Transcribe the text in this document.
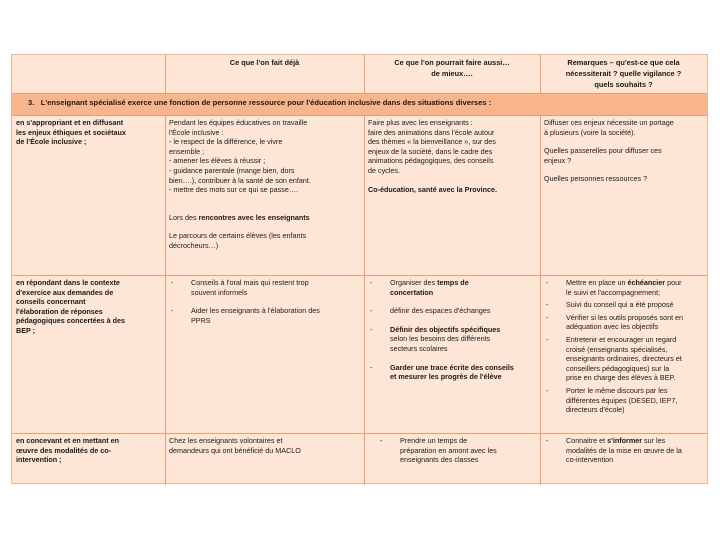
Ce que l'on fait déjà	Ce que l'on pourrait faire aussi…
de mieux….
Remarques – qu'est-ce que cela
nécessiterait ? quelle vigilance ?
quels souhaits ?
3. L'enseignant spécialisé exerce une fonction de personne ressource pour l'éducation inclusive dans des situations diverses :

en s'appropriant et en diffusant

les enjeux éthiques et sociétaux

de l'École inclusive ;

Pendant les équipes éducatives on travaille

l'École inclusive :

- le respect de la différence, le vivre

ensemble ;

- amener les élèves à réussir ;

- guidance parentale (mange bien, dors

bien….), contribuer à la santé de son enfant.

- mettre des mots sur ce qui se passe….

Lors des rencontres avec les enseignants

Le parcours de certains élèves (les enfants

décrocheurs…)

Faire plus avec les enseignants :

faire des animations dans l'école autour

des thèmes « la bienveillance », sur des

enjeux de la société, dans le cadre des

animations pédagogiques, des conseils

de cycles.

Co-éducation, santé avec la Province.

Diffuser ces enjeux nécessite un portage

à plusieurs (voire la société).

Quelles passerelles pour diffuser ces

enjeux ?

Quelles personnes ressources ?

en répondant dans le contexte

d'exercice aux demandes de

conseils concernant

l'élaboration de réponses

pédagogiques concertées à des

BEP ;

- Conseils à l'oral mais qui restent trop
souvent informels
- Aider les enseignants à l'élaboration des
PPRS
- Organiser des temps de
concertation
- définir des espaces d'échanges
- Définir des objectifs spécifiques
selon les besoins des différents
secteurs scolaires
- Garder une trace écrite des conseils
et mesurer les progrès de l'élève
- Mettre en place un échéancier pour
le suivi et l'accompagnement;
- Suivi du conseil qui a été proposé
- Vérifier si les outils proposés sont en
adéquation avec les objectifs
- Entretenir et encourager un regard
croisé (enseignants spécialisés,
enseignants ordinaires, directeurs et
conseillers pédagogiques) sur la
prise en charge des élèves à BEP.
- Porter le même discours par les
différentes équipes (DESED, IEP7,
directeurs d'école)

en concevant et en mettant en

œuvre des modalités de co-

intervention ;

Chez les enseignants volontaires et

demandeurs qui ont bénéficié du MACLO

- Prendre un temps de
préparation en amont avec les
enseignants des classes
- Connaitre et s'informer sur les
modalités de la mise en œuvre de la
co-intervention
